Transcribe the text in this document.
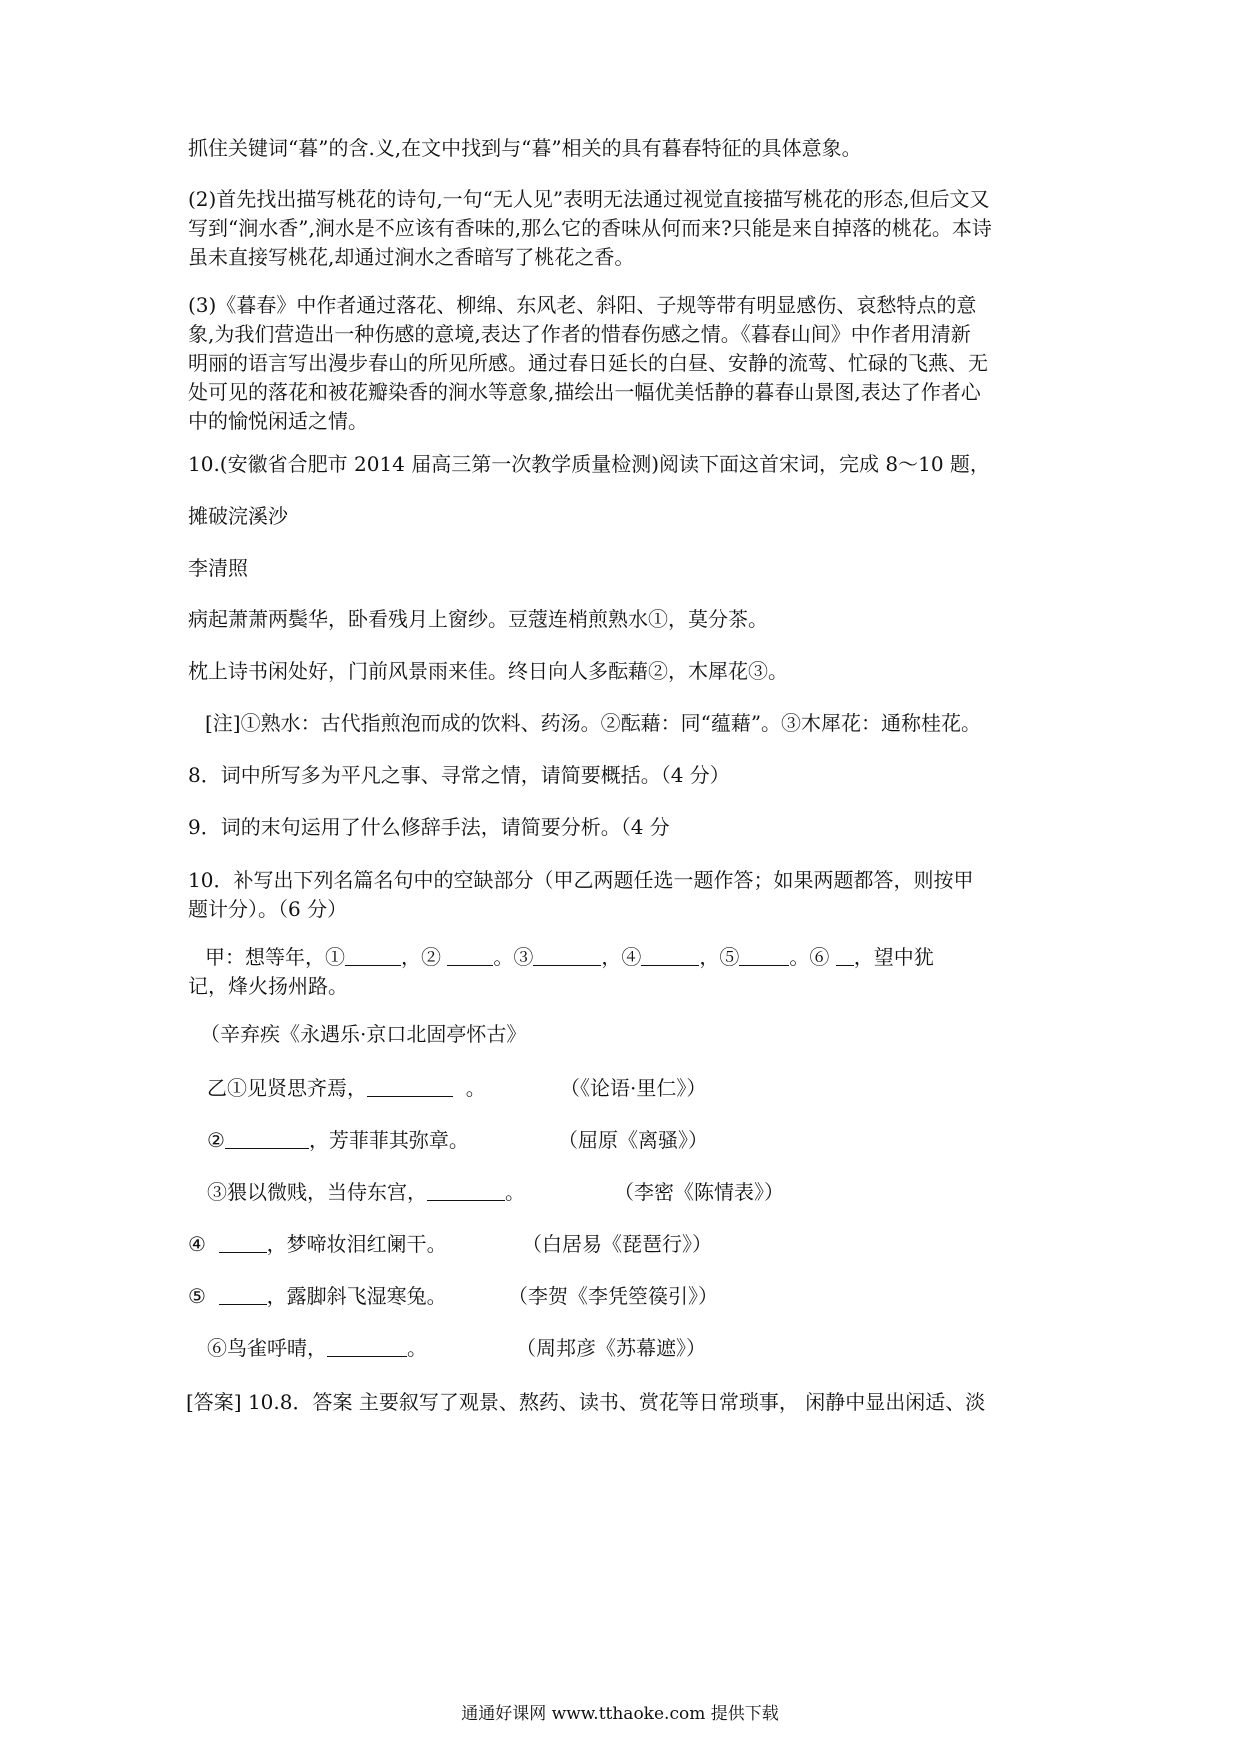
抓住关键词“暮”的含.义,在文中找到与“暮”相关的具有暮春特征的具体意象。
(2)首先找出描写桃花的诗句,一句“无人见”表明无法通过视觉直接描写桃花的形态,但后文又
写到“涧水香”,涧水是不应该有香味的,那么它的香味从何而来?只能是来自掉落的桃花。本诗
虽未直接写桃花,却通过涧水之香暗写了桃花之香。
(3)《暮春》中作者通过落花、柳绵、东风老、斜阳、子规等带有明显感伤、哀愁特点的意
象,为我们营造出一种伤感的意境,表达了作者的惜春伤感之情。《暮春山间》中作者用清新
明丽的语言写出漫步春山的所见所感。通过春日延长的白昼、安静的流莺、忙碌的飞燕、无
处可见的落花和被花瓣染香的涧水等意象,描绘出一幅优美恬静的暮春山景图,表达了作者心
中的愉悦闲适之情。
10.(安徽省合肥市 2014 届高三第一次教学质量检测)阅读下面这首宋词，完成 8～10 题，
摊破浣溪沙
李清照
病起萧萧两鬓华，卧看残月上窗纱。豆蔻连梢煎熟水①，莫分茶。
枕上诗书闲处好，门前风景雨来佳。终日向人多酝藉②，木犀花③。
[注]①熟水：古代指煎泡而成的饮料、药汤。②酝藉：同“蕴藉”。③木犀花：通称桂花。
8．词中所写多为平凡之事、寻常之情，请简要概括。（4 分）
9．词的末句运用了什么修辞手法，请简要分析。（4 分
10．补写出下列名篇名句中的空缺部分（甲乙两题任选一题作答；如果两题都答，则按甲
题计分）。（6 分）
甲：想等年，①	，②	。③	，④	，⑤	。⑥ ，望中犹
记，烽火扬州路。
（辛弃疾《永遇乐·京口北固亭怀古》
乙①见贤思齐焉，	。	（《论语·里仁》）
②	，芳菲菲其弥章。	（屈原《离骚》）
③猥以微贱，当侍东宫，	。	（李密《陈情表》）
④	，梦啼妆泪红阑干。	（白居易《琵琶行》）
⑤	，露脚斜飞湿寒兔。	（李贺《李凭箜篌引》）
⑥鸟雀呼晴，	。	（周邦彦《苏幕遮》）
[答案] 10.8．答案 主要叙写了观景、熬药、读书、赏花等日常琐事， 闲静中显出闲适、淡
通通好课网 www.tthaoke.com 提供下载
